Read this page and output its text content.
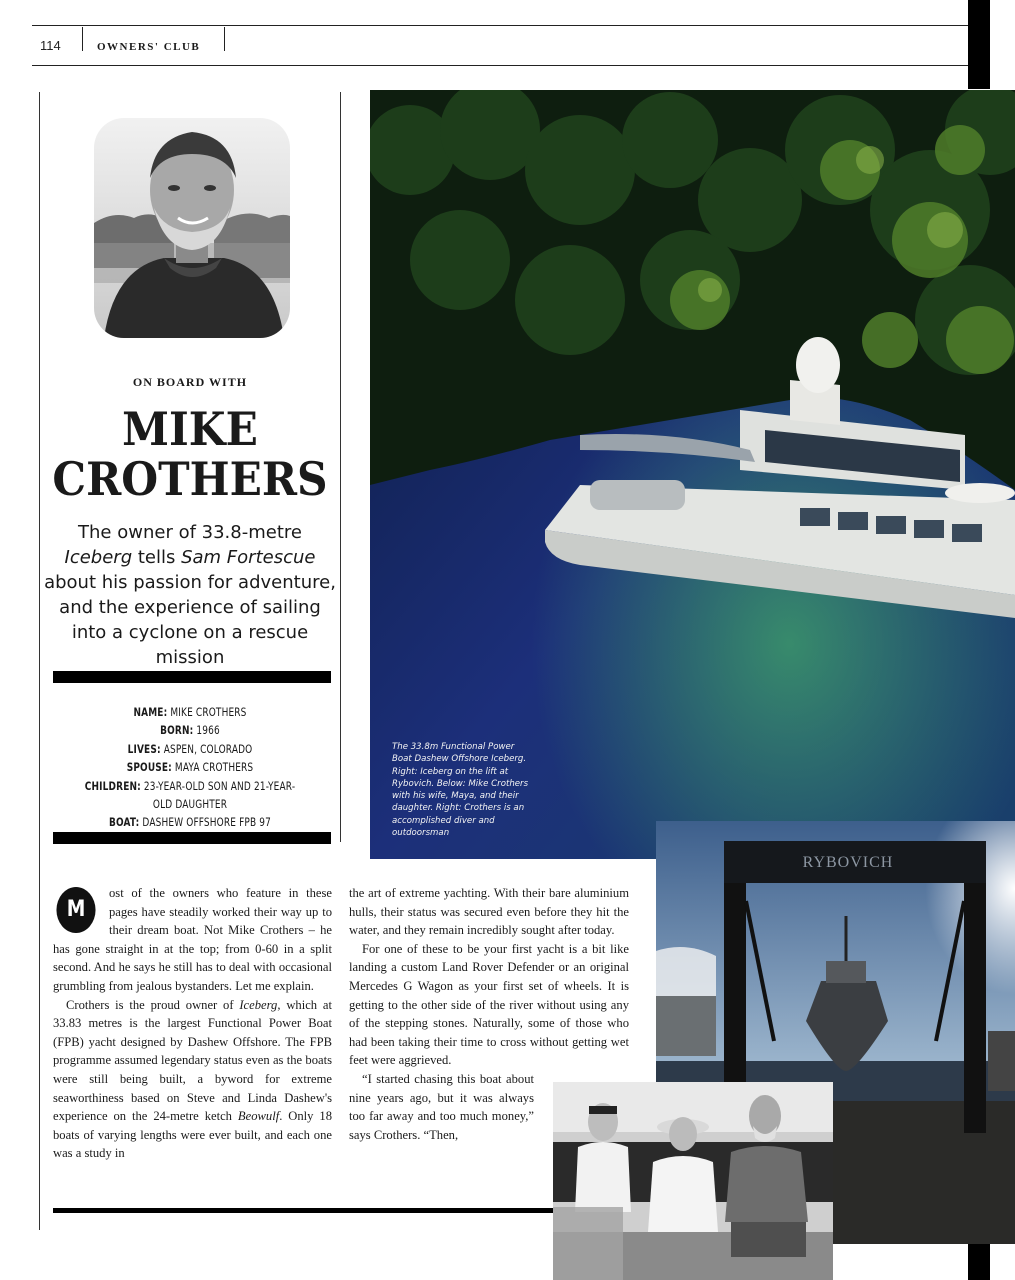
114	OWNERS' CLUB
ON BOARD WITH
MIKE
CROTHERS
The owner of 33.8-metre Iceberg tells Sam Fortescue about his passion for adventure, and the experience of sailing into a cyclone on a rescue mission
NAME: MIKE CROTHERS
BORN: 1966
LIVES: ASPEN, COLORADO
SPOUSE: MAYA CROTHERS
CHILDREN: 23-YEAR-OLD SON AND 21-YEAR-OLD DAUGHTER
BOAT: DASHEW OFFSHORE FPB 97
The 33.8m Functional Power Boat Dashew Offshore Iceberg. Right: Iceberg on the lift at Rybovich. Below: Mike Crothers with his wife, Maya, and their daughter. Right: Crothers is an accomplished diver and outdoorsman
RYBOVICH

M
ost of the owners who feature in these pages have steadily worked their way up to their dream boat. Not Mike Crothers – he has gone straight in at the top; from 0-60 in a split second. And he says he still has to deal with occasional grumbling from jealous bystanders. Let me explain.

Crothers is the proud owner of Iceberg, which at 33.83 metres is the largest Functional Power Boat (FPB) yacht designed by Dashew Offshore. The FPB programme assumed legendary status even as the boats were still being built, a byword for extreme seaworthiness based on Steve and Linda Dashew's experience on the 24-metre ketch Beowulf. Only 18 boats of varying lengths were ever built, and each one was a study in

the art of extreme yachting. With their bare aluminium hulls, their status was secured even before they hit the water, and they remain incredibly sought after today.

For one of these to be your first yacht is a bit like landing a custom Land Rover Defender or an original Mercedes G Wagon as your first set of wheels. It is getting to the other side of the river without using any of the stepping stones. Naturally, some of those who had been taking their time to cross without getting wet feet were aggrieved.

“I started chasing this boat about nine years ago, but it was always too far away and too much money,” says Crothers. “Then,
